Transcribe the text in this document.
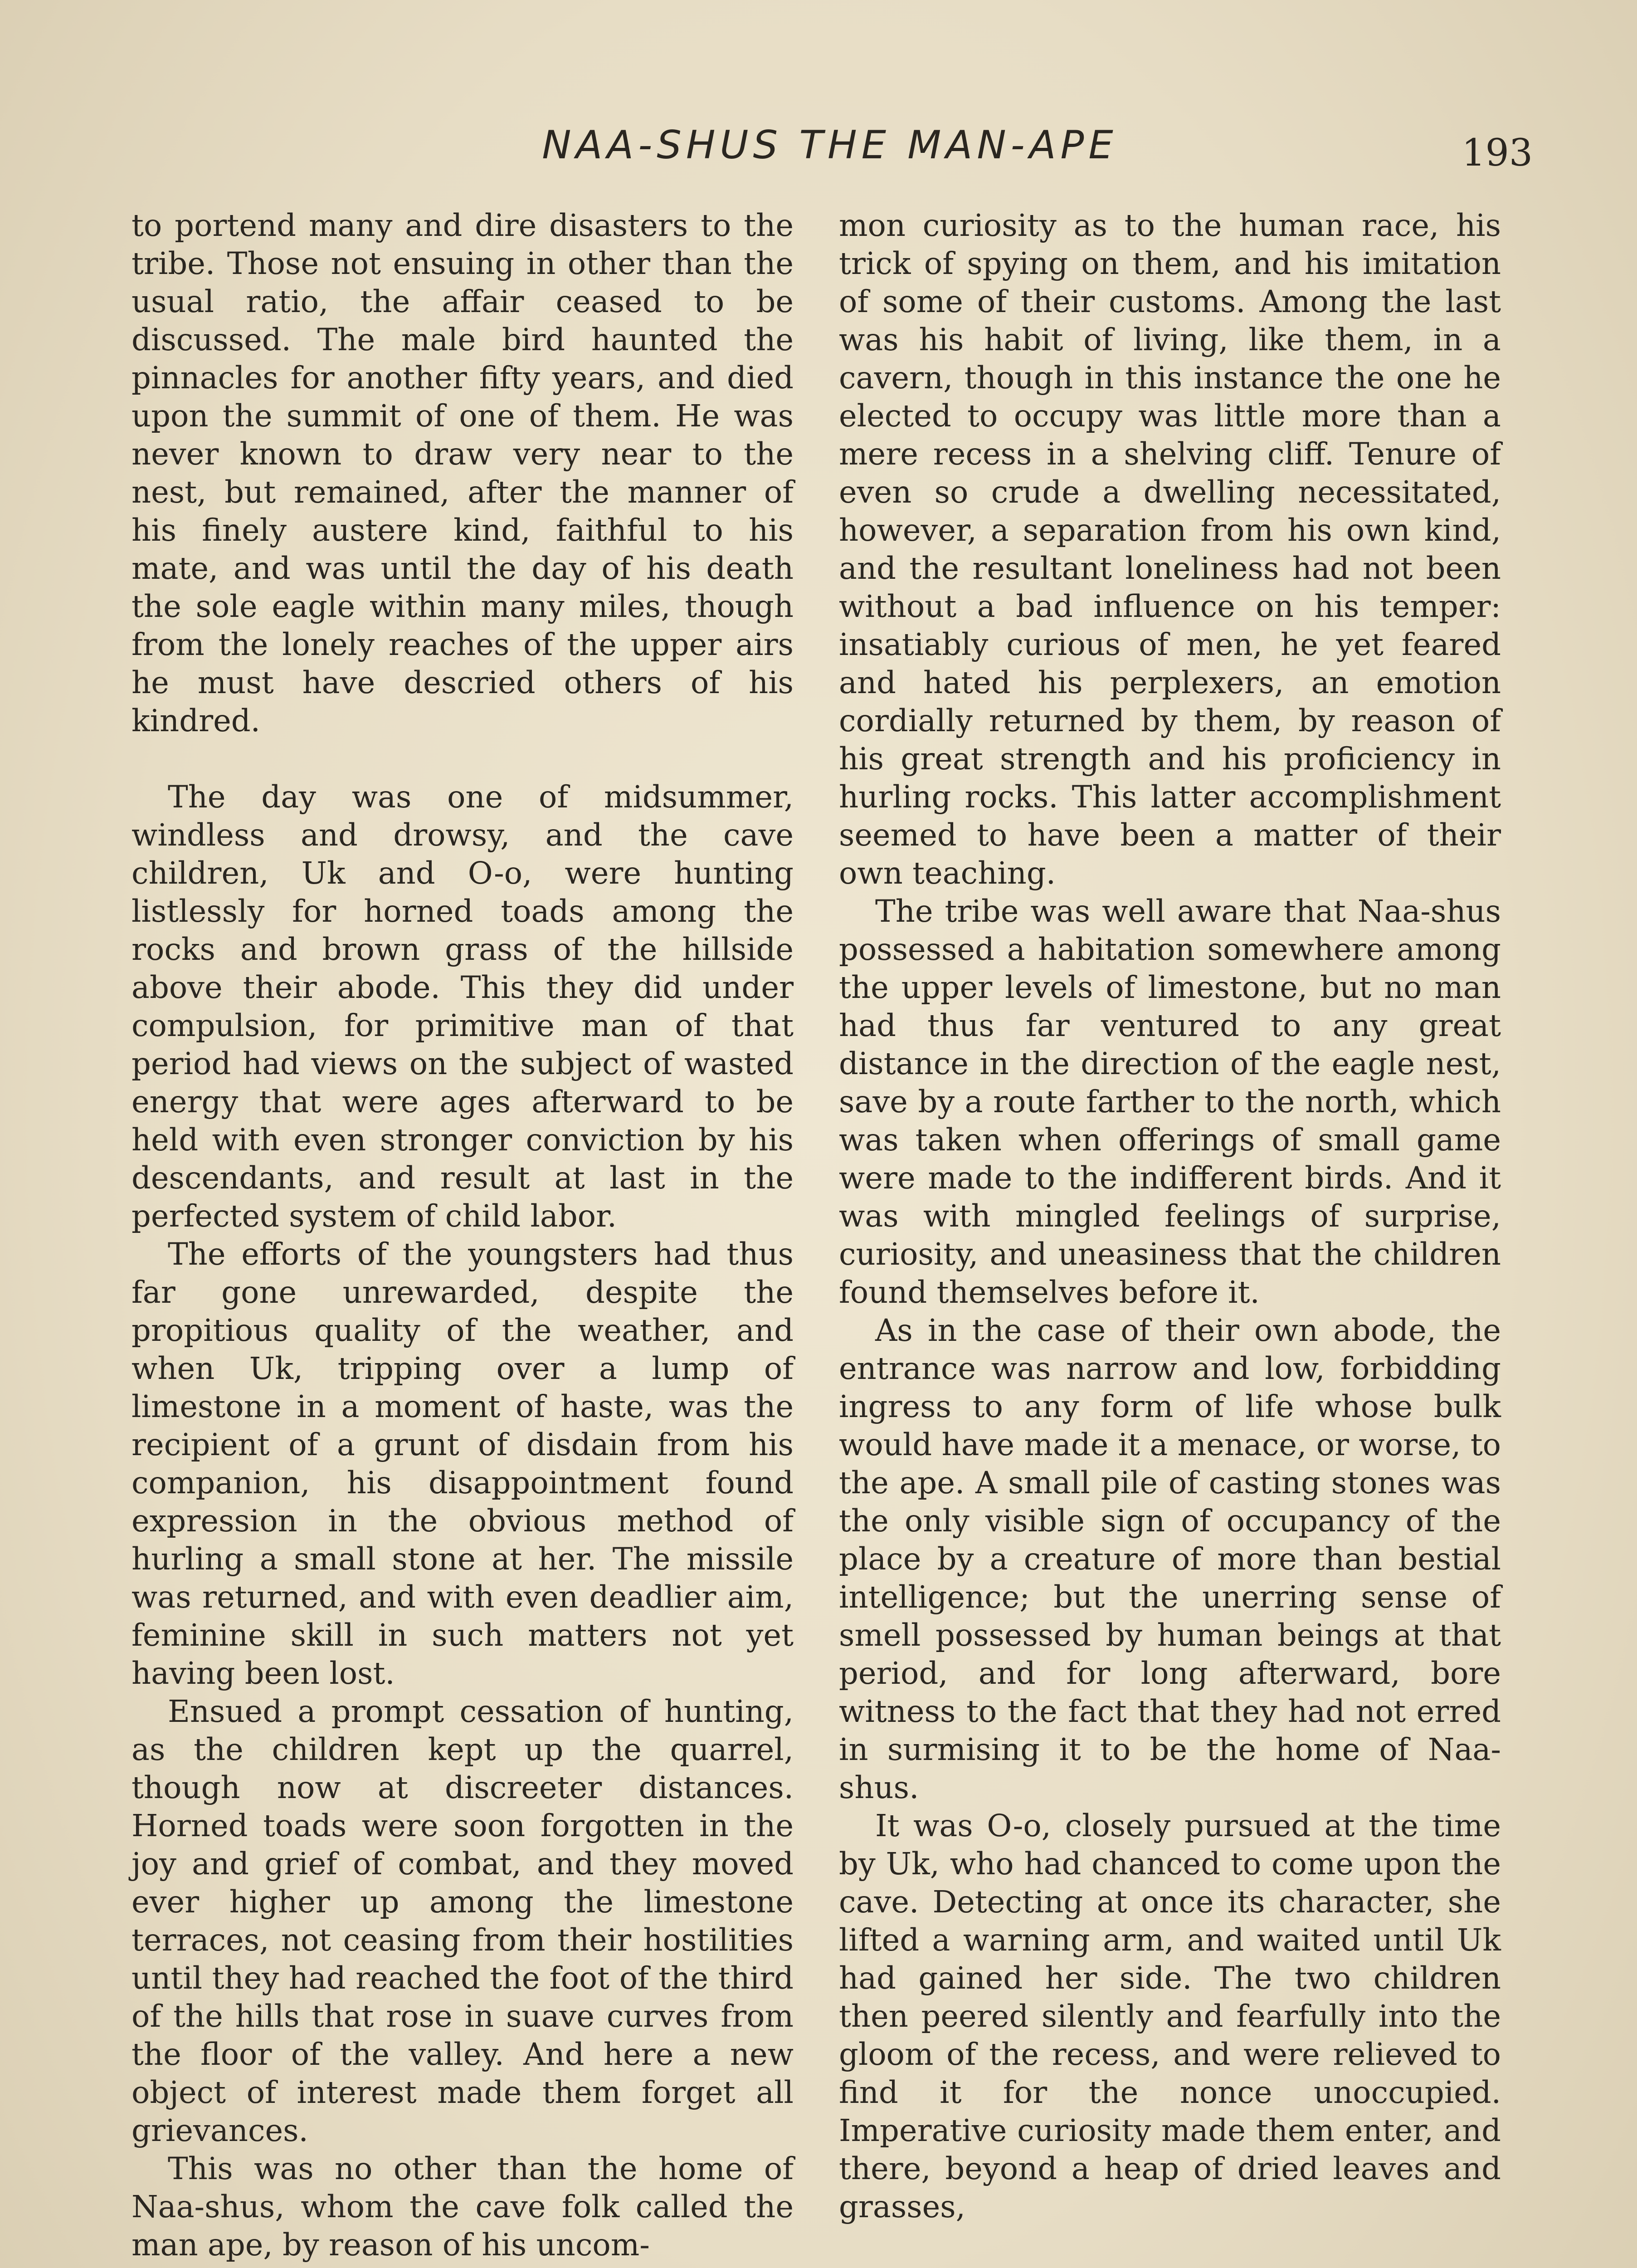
NAA-SHUS THE MAN-APE	193

to portend many and dire disasters to the tribe. Those not ensuing in other than the usual ratio, the affair ceased to be discussed. The male bird haunted the pinnacles for another fifty years, and died upon the summit of one of them. He was never known to draw very near to the nest, but remained, after the manner of his finely austere kind, faithful to his mate, and was until the day of his death the sole eagle within many miles, though from the lonely reaches of the upper airs he must have descried others of his kindred.

The day was one of midsummer, windless and drowsy, and the cave children, Uk and O-o, were hunting listlessly for horned toads among the rocks and brown grass of the hillside above their abode. This they did under compulsion, for primitive man of that period had views on the subject of wasted energy that were ages afterward to be held with even stronger conviction by his descendants, and result at last in the perfected system of child labor.

The efforts of the youngsters had thus far gone unrewarded, despite the propitious quality of the weather, and when Uk, tripping over a lump of limestone in a moment of haste, was the recipient of a grunt of disdain from his companion, his disappointment found expression in the obvious method of hurling a small stone at her. The missile was returned, and with even deadlier aim, feminine skill in such matters not yet having been lost.

Ensued a prompt cessation of hunting, as the children kept up the quarrel, though now at discreeter distances. Horned toads were soon forgotten in the joy and grief of combat, and they moved ever higher up among the limestone terraces, not ceasing from their hostilities until they had reached the foot of the third of the hills that rose in suave curves from the floor of the valley. And here a new object of interest made them forget all grievances.

This was no other than the home of Naa-shus, whom the cave folk called the man ape, by reason of his uncom-

mon curiosity as to the human race, his trick of spying on them, and his imitation of some of their customs. Among the last was his habit of living, like them, in a cavern, though in this instance the one he elected to occupy was little more than a mere recess in a shelving cliff. Tenure of even so crude a dwelling necessitated, however, a separation from his own kind, and the resultant loneliness had not been without a bad influence on his temper: insatiably curious of men, he yet feared and hated his perplexers, an emotion cordially returned by them, by reason of his great strength and his proficiency in hurling rocks. This latter accomplishment seemed to have been a matter of their own teaching.

The tribe was well aware that Naa-shus possessed a habitation somewhere among the upper levels of limestone, but no man had thus far ventured to any great distance in the direction of the eagle nest, save by a route farther to the north, which was taken when offerings of small game were made to the indifferent birds. And it was with mingled feelings of surprise, curiosity, and uneasiness that the children found themselves before it.

As in the case of their own abode, the entrance was narrow and low, forbidding ingress to any form of life whose bulk would have made it a menace, or worse, to the ape. A small pile of casting stones was the only visible sign of occupancy of the place by a creature of more than bestial intelligence; but the unerring sense of smell possessed by human beings at that period, and for long afterward, bore witness to the fact that they had not erred in surmising it to be the home of Naa-shus.

It was O-o, closely pursued at the time by Uk, who had chanced to come upon the cave. Detecting at once its character, she lifted a warning arm, and waited until Uk had gained her side. The two children then peered silently and fearfully into the gloom of the recess, and were relieved to find it for the nonce unoccupied. Imperative curiosity made them enter, and there, beyond a heap of dried leaves and grasses,
